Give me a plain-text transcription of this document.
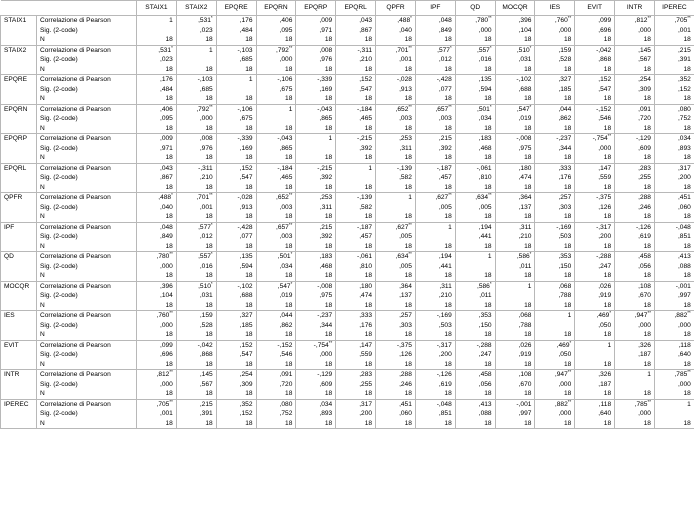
		STAIX1	STAIX2	EPQRE	EPQRN	EPQRP	EPQRL	QPFR	IPF	QD	MOCQR	IES	EVIT	INTR	IPEREC
STAIX1	Correlazione di Pearson	1	,531*	,176	,406	,009	,043	,488*	,048	,780**	,396	,760**	,099	,812**	,705**
	Sig. (2-code)		,023	,484	,095	,971	,867	,040	,849	,000	,104	,000	,696	,000	,001
	N	18	18	18	18	18	18	18	18	18	18	18	18	18	18
STAIX2	Correlazione di Pearson	,531*	1	-,103	,792**	,008	-,311	,701**	,577*	,557*	,510*	,159	-,042	,145	,215
	Sig. (2-code)	,023		,685	,000	,976	,210	,001	,012	,016	,031	,528	,868	,567	,391
	N	18	18	18	18	18	18	18	18	18	18	18	18	18	18
EPQRE	Correlazione di Pearson	,176	-,103	1	-,106	-,339	,152	-,028	-,428	,135	-,102	,327	,152	,254	,352
	Sig. (2-code)	,484	,685		,675	,169	,547	,913	,077	,594	,688	,185	,547	,309	,152
	N	18	18	18	18	18	18	18	18	18	18	18	18	18	18
EPQRN	Correlazione di Pearson	,406	,792**	-,106	1	-,043	-,184	,652**	,657**	,501*	,547*	,044	-,152	,091	,080
	Sig. (2-code)	,095	,000	,675		,865	,465	,003	,003	,034	,019	,862	,546	,720	,752
	N	18	18	18	18	18	18	18	18	18	18	18	18	18	18
EPQRP	Correlazione di Pearson	,009	,008	-,339	-,043	1	-,215	,253	,215	,183	-,008	-,237	-,754**	-,129	,034
	Sig. (2-code)	,971	,976	,169	,865		,392	,311	,392	,468	,975	,344	,000	,609	,893
	N	18	18	18	18	18	18	18	18	18	18	18	18	18	18
EPQRL	Correlazione di Pearson	,043	-,311	,152	-,184	-,215	1	-,139	-,187	-,061	,180	,333	,147	,283	,317
	Sig. (2-code)	,867	,210	,547	,465	,392		,582	,457	,810	,474	,176	,559	,255	,200
	N	18	18	18	18	18	18	18	18	18	18	18	18	18	18
QPFR	Correlazione di Pearson	,488*	,701**	-,028	,652**	,253	-,139	1	,627**	,634**	,364	,257	-,375	,288	,451
	Sig. (2-code)	,040	,001	,913	,003	,311	,582		,005	,005	,137	,303	,126	,246	,060
	N	18	18	18	18	18	18	18	18	18	18	18	18	18	18
IPF	Correlazione di Pearson	,048	,577*	-,428	,657**	,215	-,187	,627**	1	,194	,311	-,169	-,317	-,126	-,048
	Sig. (2-code)	,849	,012	,077	,003	,392	,457	,005		,441	,210	,503	,200	,619	,851
	N	18	18	18	18	18	18	18	18	18	18	18	18	18	18
QD	Correlazione di Pearson	,780**	,557*	,135	,501*	,183	-,061	,634**	,194	1	,586*	,353	-,288	,458	,413
	Sig. (2-code)	,000	,016	,594	,034	,468	,810	,005	,441		,011	,150	,247	,056	,088
	N	18	18	18	18	18	18	18	18	18	18	18	18	18	18
MOCQR	Correlazione di Pearson	,396	,510*	-,102	,547*	-,008	,180	,364	,311	,586*	1	,068	,026	,108	-,001
	Sig. (2-code)	,104	,031	,688	,019	,975	,474	,137	,210	,011		,788	,919	,670	,997
	N	18	18	18	18	18	18	18	18	18	18	18	18	18	18
IES	Correlazione di Pearson	,760**	,159	,327	,044	-,237	,333	,257	-,169	,353	,068	1	,469*	,947**	,882**
	Sig. (2-code)	,000	,528	,185	,862	,344	,176	,303	,503	,150	,788		,050	,000	,000
	N	18	18	18	18	18	18	18	18	18	18	18	18	18	18
EVIT	Correlazione di Pearson	,099	-,042	,152	-,152	-,754**	,147	-,375	-,317	-,288	,026	,469*	1	,326	,118
	Sig. (2-code)	,696	,868	,547	,546	,000	,559	,126	,200	,247	,919	,050		,187	,640
	N	18	18	18	18	18	18	18	18	18	18	18	18	18	18
INTR	Correlazione di Pearson	,812**	,145	,254	,091	-,129	,283	,288	-,126	,458	,108	,947**	,326	1	,785**
	Sig. (2-code)	,000	,567	,309	,720	,609	,255	,246	,619	,056	,670	,000	,187		,000
	N	18	18	18	18	18	18	18	18	18	18	18	18	18	18
IPEREC	Correlazione di Pearson	,705**	,215	,352	,080	,034	,317	,451	-,048	,413	-,001	,882**	,118	,785**	1
	Sig. (2-code)	,001	,391	,152	,752	,893	,200	,060	,851	,088	,997	,000	,640	,000	
	N	18	18	18	18	18	18	18	18	18	18	18	18	18	18
